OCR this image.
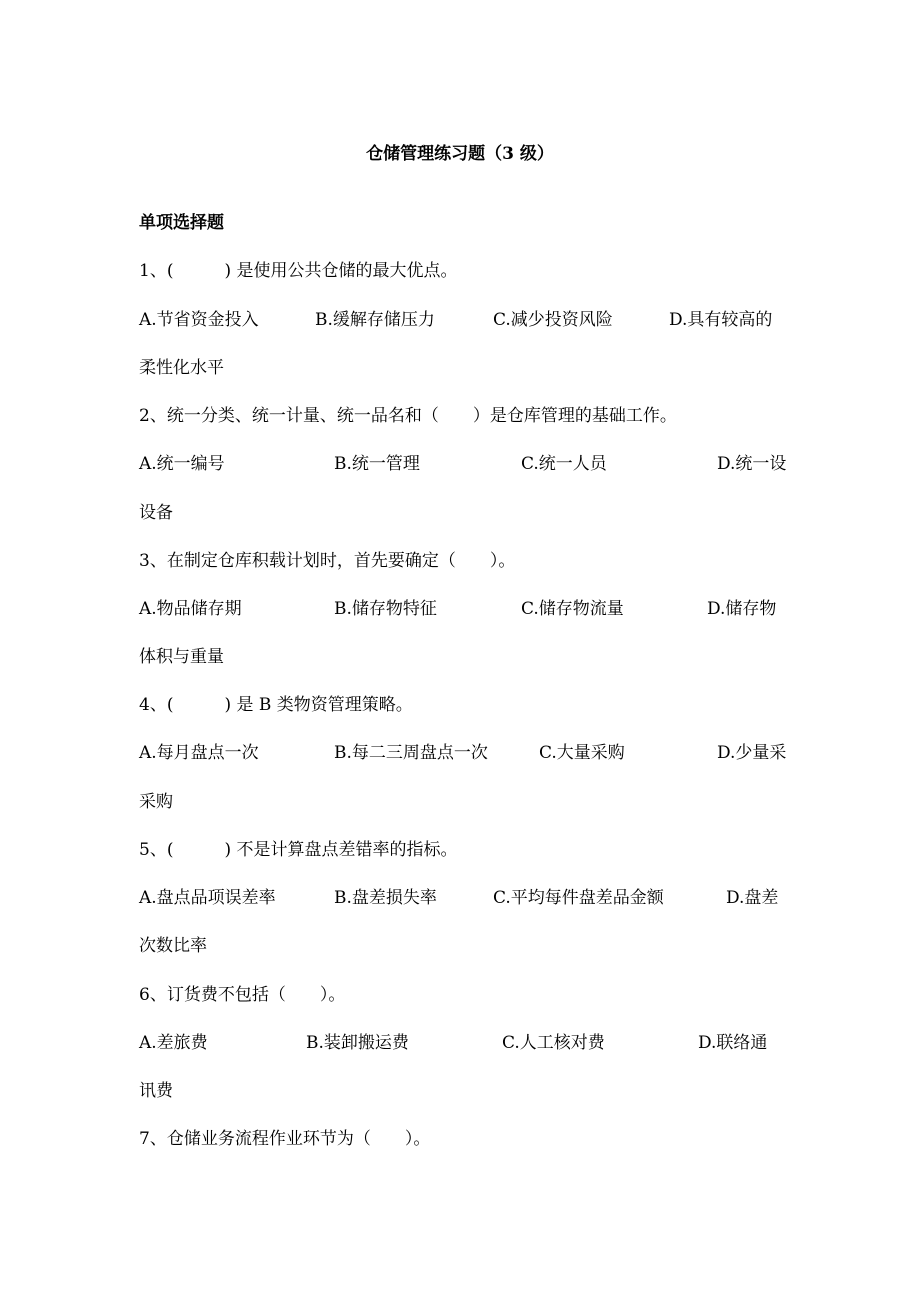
仓储管理练习题（3 级）
单项选择题
1、(　　　) 是使用公共仓储的最大优点。
A.节省资金投入	B.缓解存储压力	C.减少投资风险	D.具有较高的
柔性化水平
2、统一分类、统一计量、统一品名和（　　）是仓库管理的基础工作。
A.统一编号	B.统一管理	C.统一人员	D.统一设
设备
3、在制定仓库积载计划时，首先要确定（　　）。
A.物品储存期	B.储存物特征	C.储存物流量	D.储存物
体积与重量
4、(　　　) 是 B 类物资管理策略。
A.每月盘点一次	B.每二三周盘点一次	C.大量采购	D.少量采
采购
5、(　　　) 不是计算盘点差错率的指标。
A.盘点品项误差率	B.盘差损失率	C.平均每件盘差品金额	D.盘差
次数比率
6、订货费不包括（　　）。
A.差旅费	B.装卸搬运费	C.人工核对费	D.联络通
讯费
7、仓储业务流程作业环节为（　　）。
